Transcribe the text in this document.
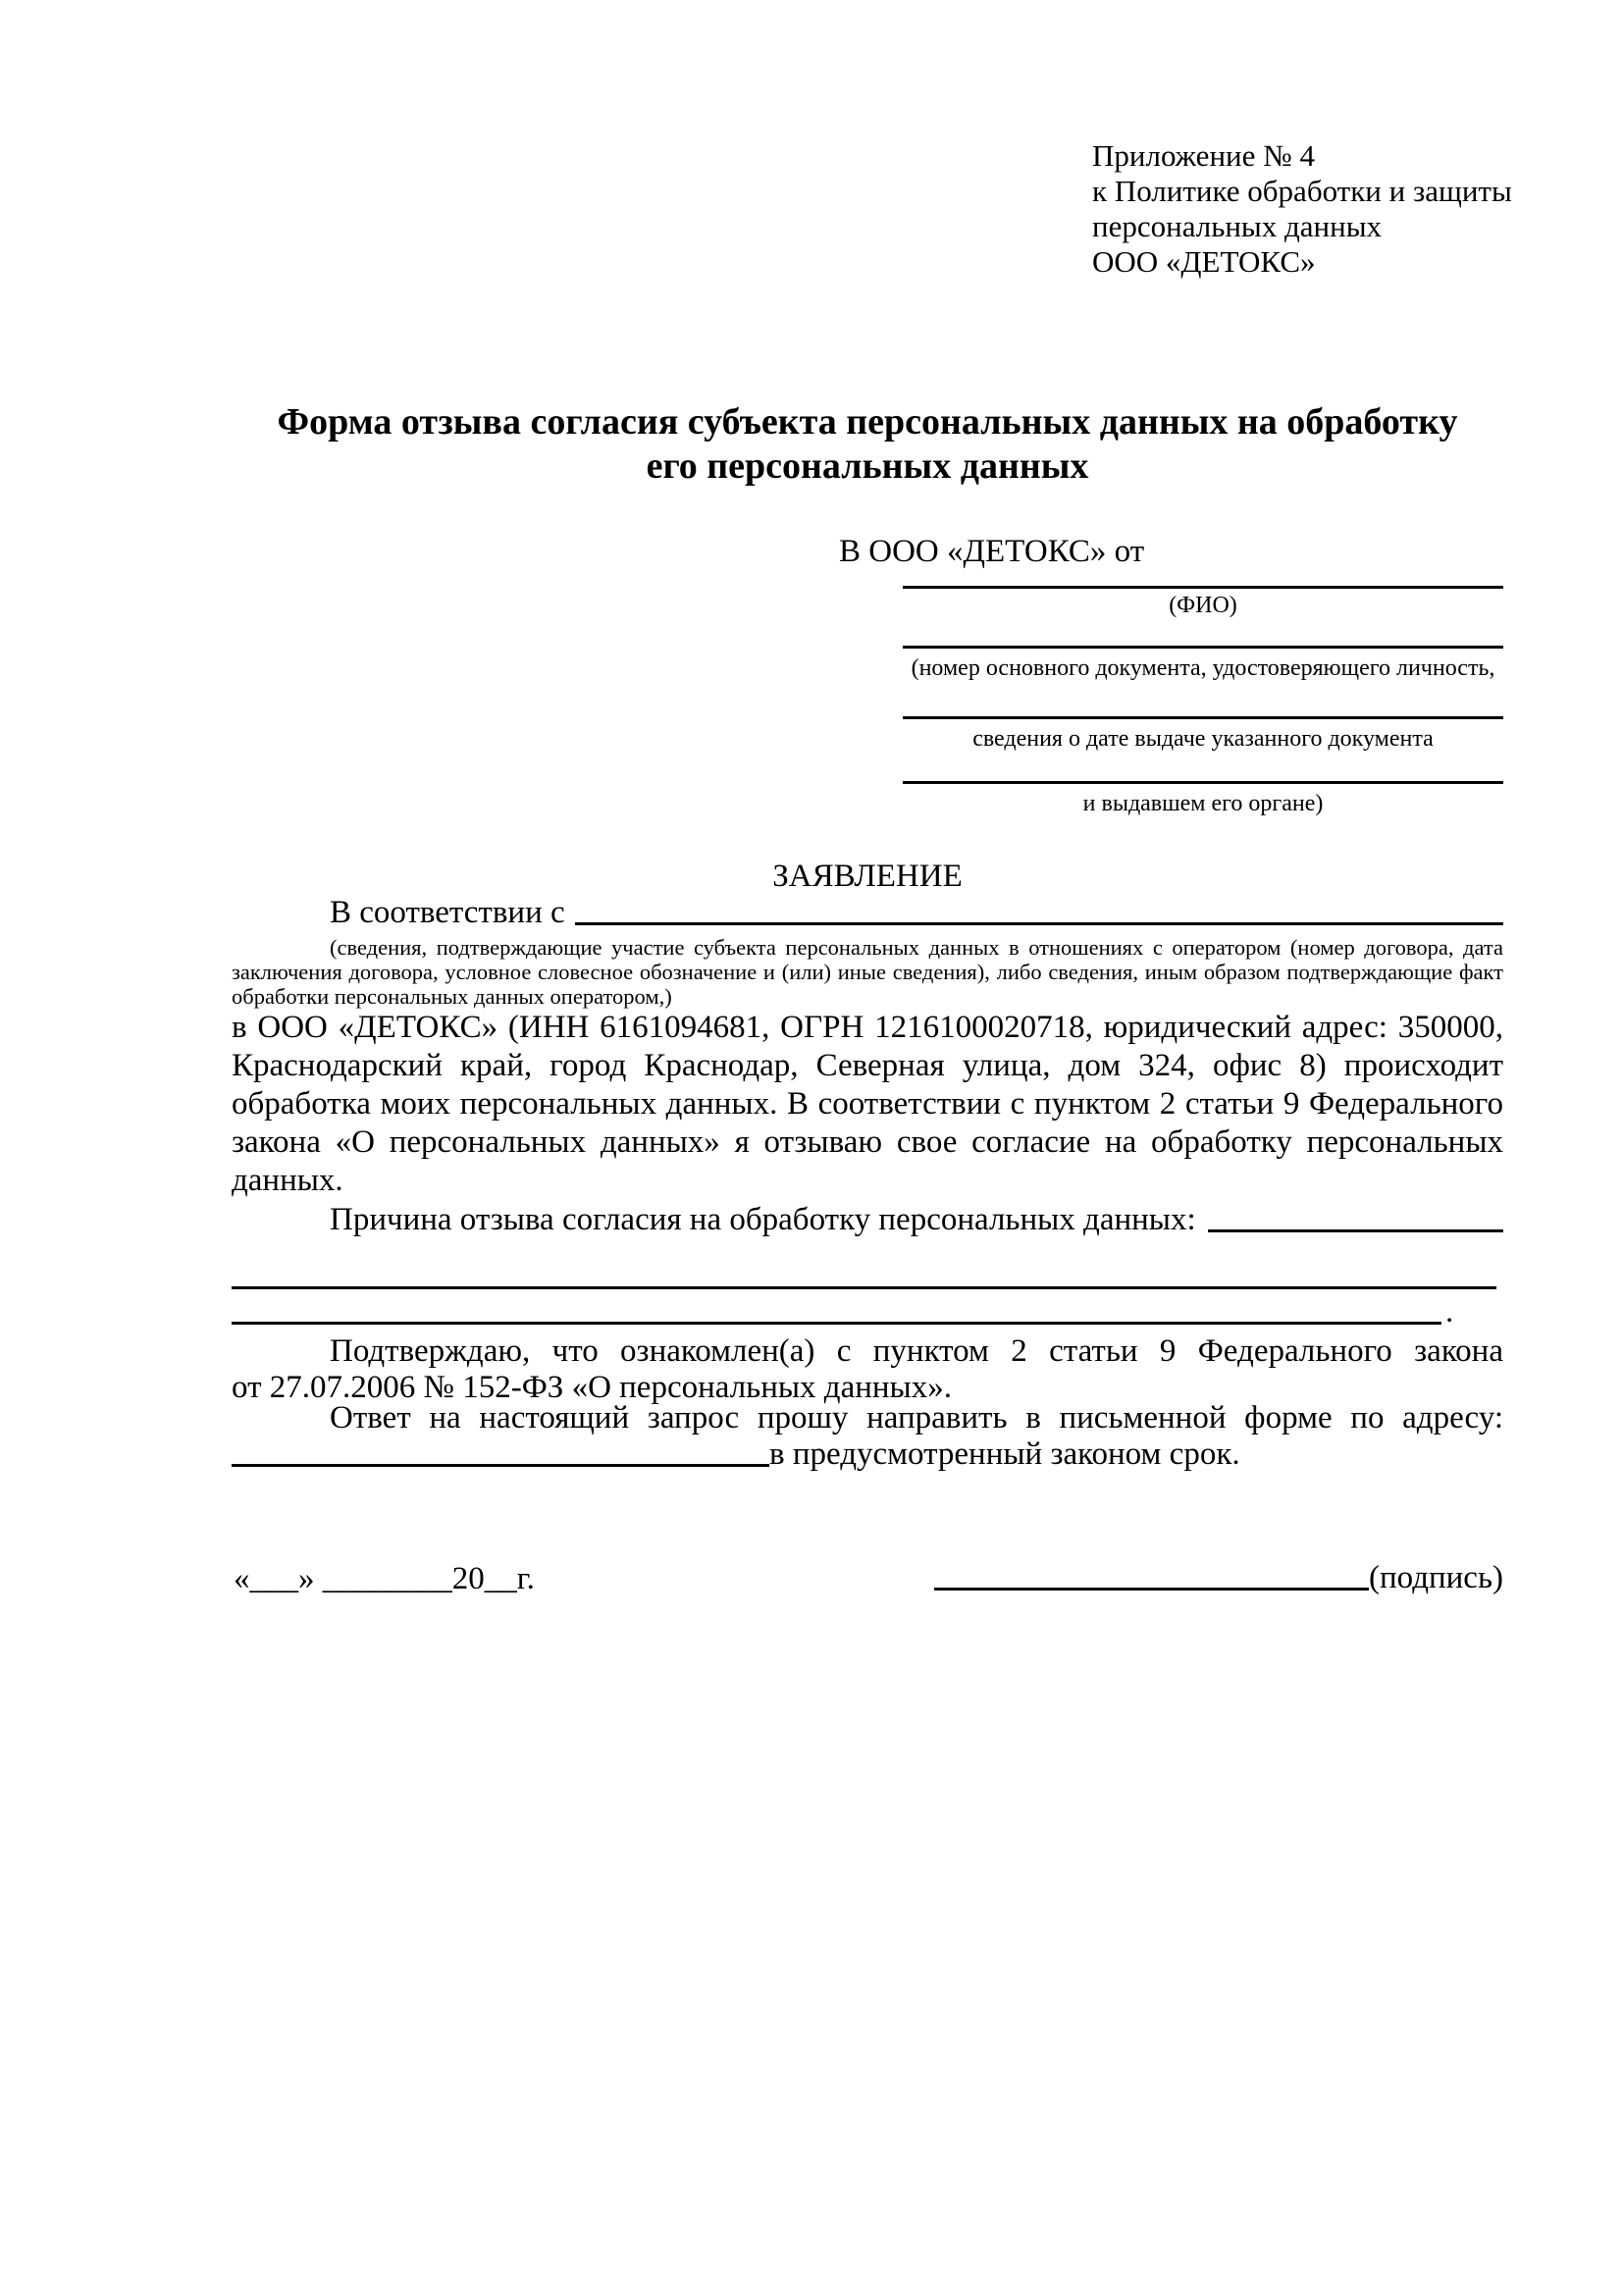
Приложение № 4
к Политике обработки и защиты
персональных данных
ООО «ДЕТОКС»
Форма отзыва согласия субъекта персональных данных на обработку
его персональных данных
В ООО «ДЕТОКС» от
(ФИО)
(номер основного документа, удостоверяющего личность,
сведения о дате выдаче указанного документа
и выдавшем его органе)
ЗАЯВЛЕНИЕ
В соответствии с
(сведения, подтверждающие участие субъекта персональных данных в отношениях с оператором (номер договора, дата
заключения договора, условное словесное обозначение и (или) иные сведения), либо сведения, иным образом подтверждающие факт
обработки персональных данных оператором,)
в ООО «ДЕТОКС» (ИНН 6161094681, ОГРН 1216100020718, юридический адрес: 350000,
Краснодарский край, город Краснодар, Северная улица, дом 324, офис 8) происходит
обработка моих персональных данных. В соответствии с пунктом 2 статьи 9 Федерального
закона «О персональных данных» я отзываю свое согласие на обработку персональных
данных.
Причина отзыва согласия на обработку персональных данных:
.
Подтверждаю, что ознакомлен(а) с пунктом 2 статьи 9 Федерального закона
от 27.07.2006 № 152-ФЗ «О персональных данных».
Ответ на настоящий запрос прошу направить в письменной форме по адресу:
в предусмотренный законом срок.
«___» ________20__г.	(подпись)
